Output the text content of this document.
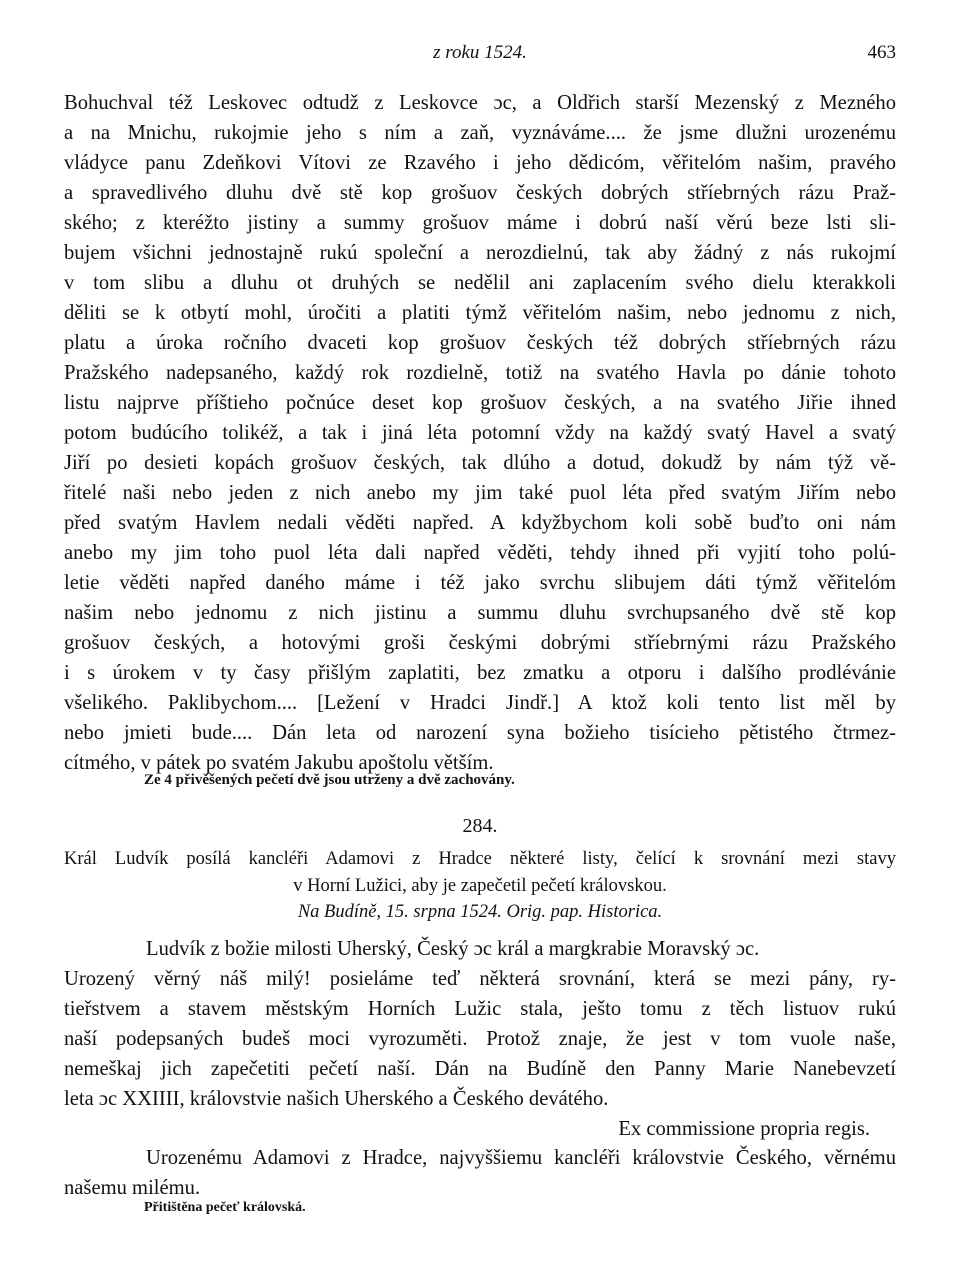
z roku 1524.	463
Bohuchval též Leskovec odtudž z Leskovce ɔc, a Oldřich starší Mezenský z Mezného
a na Mnichu, rukojmie jeho s ním a zaň, vyznáváme.... že jsme dlužni urozenému
vládyce panu Zdeňkovi Vítovi ze Rzavého i jeho dědicóm, věřitelóm našim, pravého
a spravedlivého dluhu dvě stě kop grošuov českých dobrých stříebrných rázu Praž-
ského; z kteréžto jistiny a summy grošuov máme i dobrú naší věrú beze lsti sli-
bujem všichni jednostajně rukú společní a nerozdielnú, tak aby žádný z nás rukojmí
v tom slibu a dluhu ot druhých se nedělil ani zaplacením svého dielu kterakkoli
děliti se k otbytí mohl, úročiti a platiti týmž věřitelóm našim, nebo jednomu z nich,
platu a úroka ročního dvaceti kop grošuov českých též dobrých stříebrných rázu
Pražského nadepsaného, každý rok rozdielně, totiž na svatého Havla po dánie tohoto
listu najprve příštieho počnúce deset kop grošuov českých, a na svatého Jiřie ihned
potom budúcího tolikéž, a tak i jiná léta potomní vždy na každý svatý Havel a svatý
Jiří po desieti kopách grošuov českých, tak dlúho a dotud, dokudž by nám týž vě-
řitelé naši nebo jeden z nich anebo my jim také puol léta před svatým Jiřím nebo
před svatým Havlem nedali věděti napřed. A kdyžbychom koli sobě buďto oni nám
anebo my jim toho puol léta dali napřed věděti, tehdy ihned při vyjití toho polú-
letie věděti napřed daného máme i též jako svrchu slibujem dáti týmž věřitelóm
našim nebo jednomu z nich jistinu a summu dluhu svrchupsaného dvě stě kop
grošuov českých, a hotovými groši českými dobrými stříebrnými rázu Pražského
i s úrokem v ty časy přišlým zaplatiti, bez zmatku a otporu i dalšího prodlévánie
všelikého. Paklibychom.... [Ležení v Hradci Jindř.] A ktož koli tento list měl by
nebo jmieti bude.... Dán leta od narození syna božieho tisícieho pětistého čtrmez-
cítmého, v pátek po svatém Jakubu apoštolu větším.
Ze 4 přivěšených pečetí dvě jsou utrženy a dvě zachovány.
284.
Král Ludvík posílá kancléři Adamovi z Hradce některé listy, čelící k srovnání mezi stavy
v Horní Lužici, aby je zapečetil pečetí královskou.
Na Budíně, 15. srpna 1524. Orig. pap. Historica.
Ludvík z božie milosti Uherský, Český ɔc král a margkrabie Moravský ɔc.
Urozený věrný náš milý! posieláme teď některá srovnání, která se mezi pány, ry-
tieřstvem a stavem městským Horních Lužic stala, ješto tomu z těch listuov rukú
naší podepsaných budeš moci vyrozuměti. Protož znaje, že jest v tom vuole naše,
nemeškaj jich zapečetiti pečetí naší. Dán na Budíně den Panny Marie Nanebevzetí
leta ɔc XXIIII, královstvie našich Uherského a Českého devátého.
Ex commissione propria regis.
Urozenému Adamovi z Hradce, najvyššiemu kancléři královstvie Českého, věrnému
našemu milému.
Přitištěna pečeť královská.
